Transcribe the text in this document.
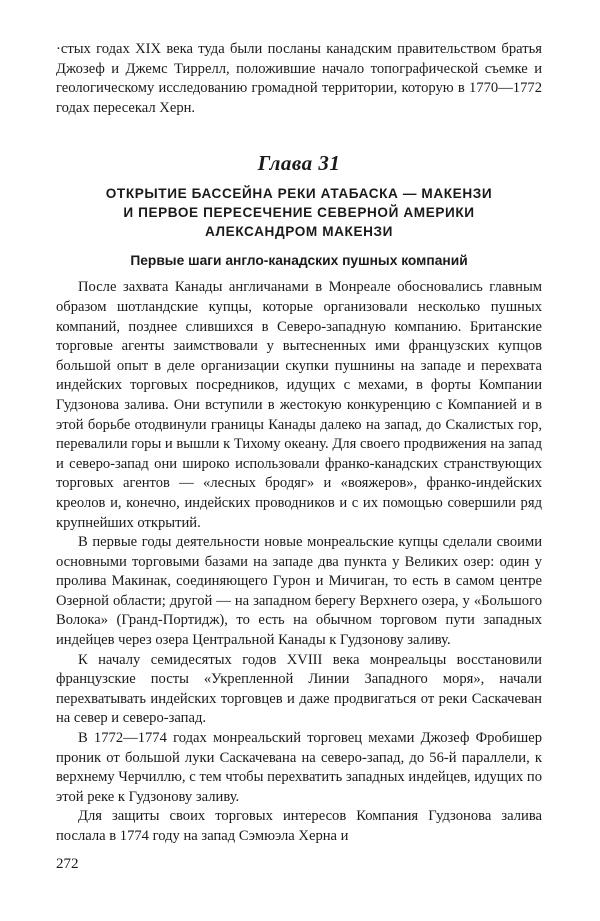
·стых годах XIX века туда были посланы канадским правительством братья Джозеф и Джемс Тиррелл, положившие начало топографической съемке и геологическому исследованию громадной территории, которую в 1770—1772 годах пересекал Херн.

Глава 31
ОТКРЫТИЕ БАССЕЙНА РЕКИ АТАБАСКА — МАКЕНЗИ
И ПЕРВОЕ ПЕРЕСЕЧЕНИЕ СЕВЕРНОЙ АМЕРИКИ
АЛЕКСАНДРОМ МАКЕНЗИ
Первые шаги англо-канадских пушных компаний

После захвата Канады англичанами в Монреале обосновались главным образом шотландские купцы, которые организовали несколько пушных компаний, позднее слившихся в Северо-западную компанию. Британские торговые агенты заимствовали у вытесненных ими французских купцов большой опыт в деле организации скупки пушнины на западе и перехвата индейских торговых посредников, идущих с мехами, в форты Компании Гудзонова залива. Они вступили в жестокую конкуренцию с Компанией и в этой борьбе отодвинули границы Канады далеко на запад, до Скалистых гор, перевалили горы и вышли к Тихому океану. Для своего продвижения на запад и северо-запад они широко использовали франко-канадских странствующих торговых агентов — «лесных бродяг» и «вояжеров», франко-индейских креолов и, конечно, индейских проводников и с их помощью совершили ряд крупнейших открытий.

В первые годы деятельности новые монреальские купцы сделали своими основными торговыми базами на западе два пункта у Великих озер: один у пролива Макинак, соединяющего Гурон и Мичиган, то есть в самом центре Озерной области; другой — на западном берегу Верхнего озера, у «Большого Волока» (Гранд-Портидж), то есть на обычном торговом пути западных индейцев через озера Центральной Канады к Гудзонову заливу.

К началу семидесятых годов XVIII века монреальцы восстановили французские посты «Укрепленной Линии Западного моря», начали перехватывать индейских торговцев и даже продвигаться от реки Саскачеван на север и северо-запад.

В 1772—1774 годах монреальский торговец мехами Джозеф Фробишер проник от большой луки Саскачевана на северо-запад, до 56-й параллели, к верхнему Черчиллю, с тем чтобы перехватить западных индейцев, идущих по этой реке к Гудзонову заливу.

Для защиты своих торговых интересов Компания Гудзонова залива послала в 1774 году на запад Сэмюэла Херна и

272
